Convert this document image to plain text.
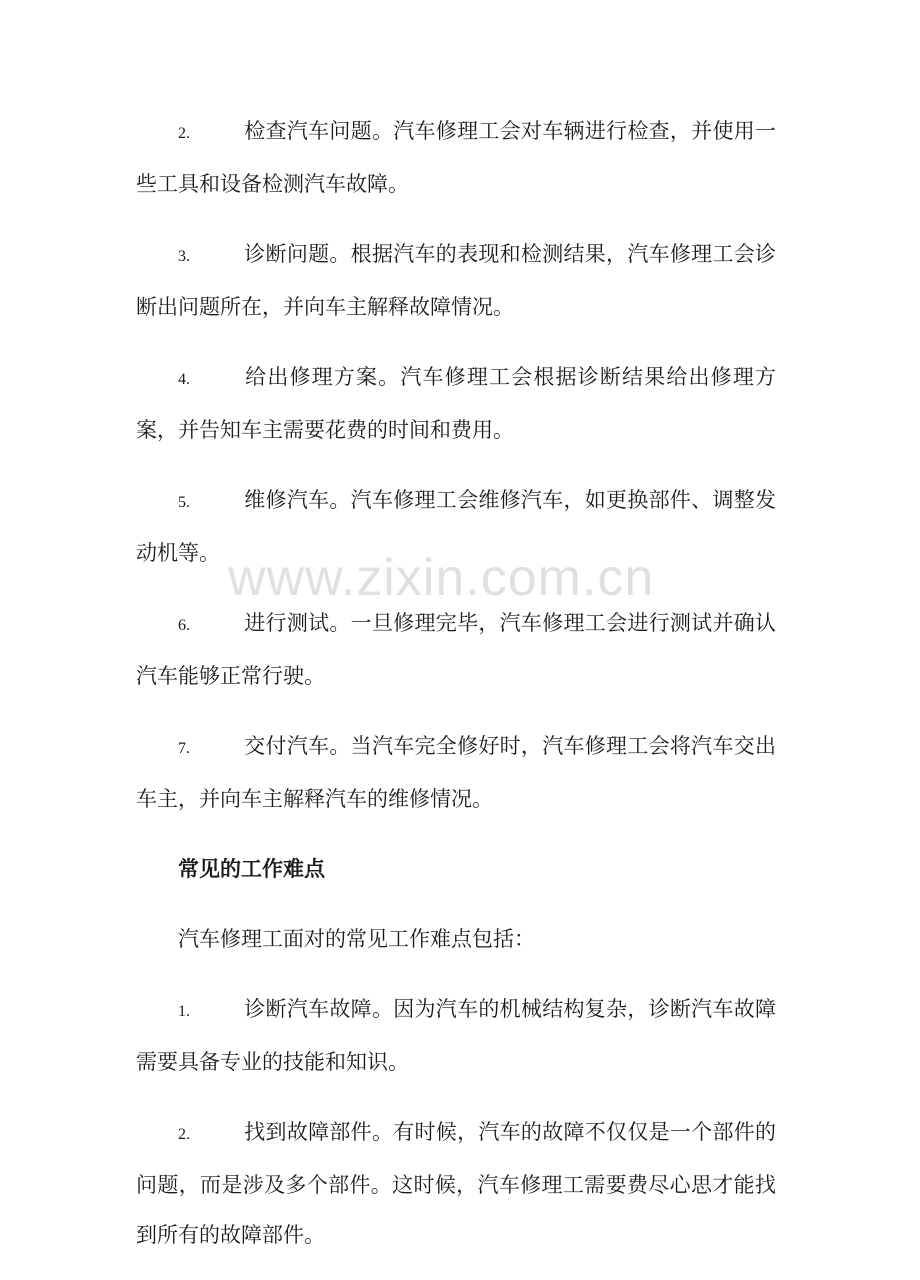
2.	检查汽车问题。汽车修理工会对车辆进行检查，并使用一些工具和设备检测汽车故障。
3.	诊断问题。根据汽车的表现和检测结果，汽车修理工会诊断出问题所在，并向车主解释故障情况。
4.	给出修理方案。汽车修理工会根据诊断结果给出修理方案，并告知车主需要花费的时间和费用。
5.	维修汽车。汽车修理工会维修汽车，如更换部件、调整发动机等。
6.	进行测试。一旦修理完毕，汽车修理工会进行测试并确认汽车能够正常行驶。
7.	交付汽车。当汽车完全修好时，汽车修理工会将汽车交出车主，并向车主解释汽车的维修情况。
常见的工作难点
汽车修理工面对的常见工作难点包括：
1.	诊断汽车故障。因为汽车的机械结构复杂，诊断汽车故障需要具备专业的技能和知识。
2.	找到故障部件。有时候，汽车的故障不仅仅是一个部件的问题，而是涉及多个部件。这时候，汽车修理工需要费尽心思才能找到所有的故障部件。
www.zixin.com.cn
